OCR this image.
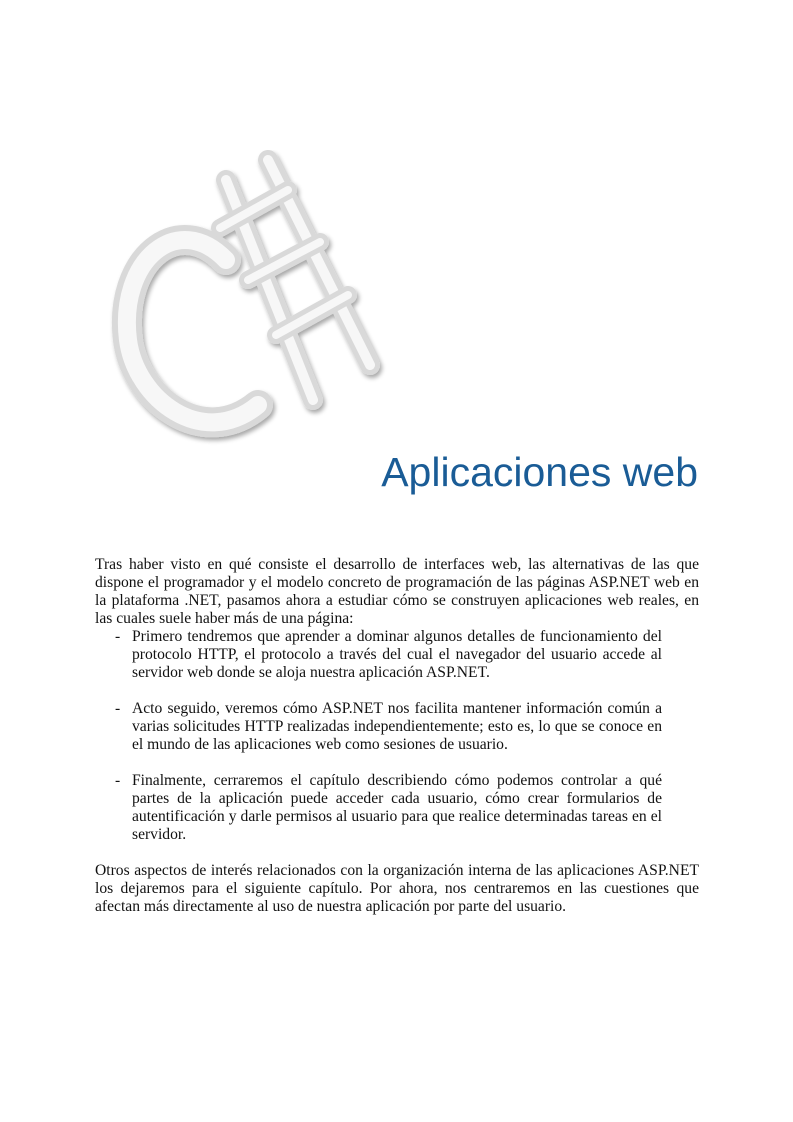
Aplicaciones web

Tras haber visto en qué consiste el desarrollo de interfaces web, las alternativas de las que dispone el programador y el modelo concreto de programación de las páginas ASP.NET web en la plataforma .NET, pasamos ahora a estudiar cómo se construyen aplicaciones web reales, en las cuales suele haber más de una página:

- Primero tendremos que aprender a dominar algunos detalles de funcionamiento del protocolo HTTP, el protocolo a través del cual el navegador del usuario accede al servidor web donde se aloja nuestra aplicación ASP.NET.
- Acto seguido, veremos cómo ASP.NET nos facilita mantener información común a varias solicitudes HTTP realizadas independientemente; esto es, lo que se conoce en el mundo de las aplicaciones web como sesiones de usuario.
- Finalmente, cerraremos el capítulo describiendo cómo podemos controlar a qué partes de la aplicación puede acceder cada usuario, cómo crear formularios de autentificación y darle permisos al usuario para que realice determinadas tareas en el servidor.

Otros aspectos de interés relacionados con la organización interna de las aplicaciones ASP.NET los dejaremos para el siguiente capítulo. Por ahora, nos centraremos en las cuestiones que afectan más directamente al uso de nuestra aplicación por parte del usuario.
